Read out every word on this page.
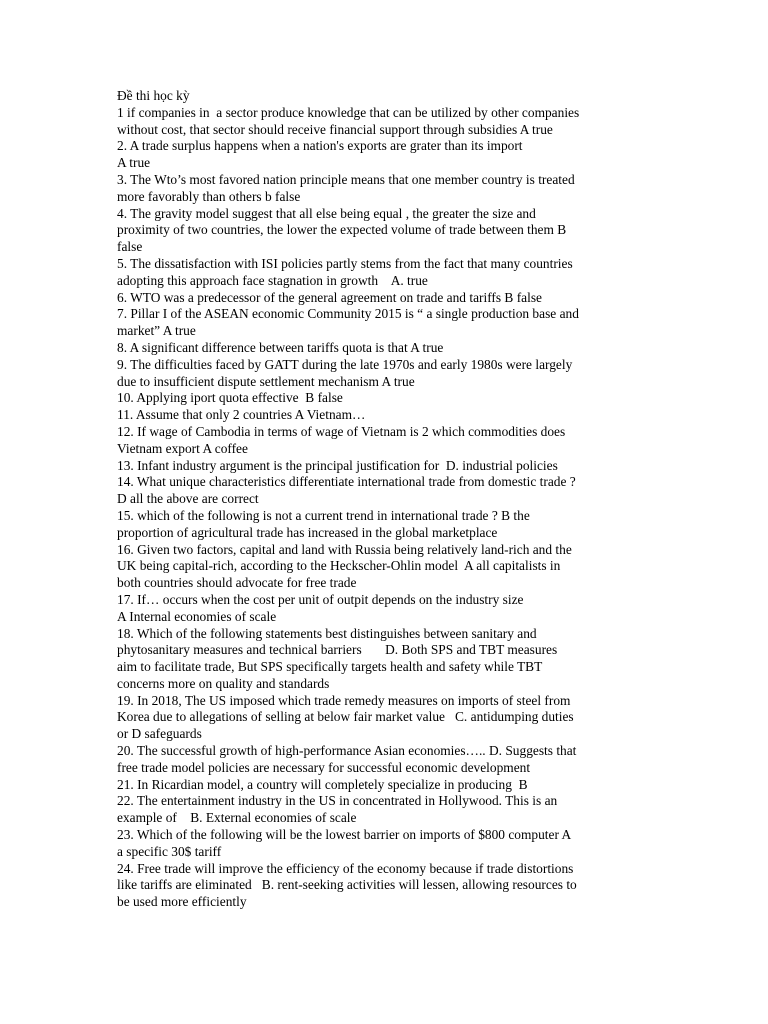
Đề thi học kỳ
1 if companies in  a sector produce knowledge that can be utilized by other companies
without cost, that sector should receive financial support through subsidies A true
2. A trade surplus happens when a nation's exports are grater than its import
A true
3. The Wto’s most favored nation principle means that one member country is treated
more favorably than others b false
4. The gravity model suggest that all else being equal , the greater the size and
proximity of two countries, the lower the expected volume of trade between them B
false
5. The dissatisfaction with ISI policies partly stems from the fact that many countries
adopting this approach face stagnation in growth    A. true
6. WTO was a predecessor of the general agreement on trade and tariffs B false
7. Pillar I of the ASEAN economic Community 2015 is “ a single production base and
market” A true
8. A significant difference between tariffs quota is that A true
9. The difficulties faced by GATT during the late 1970s and early 1980s were largely
due to insufficient dispute settlement mechanism A true
10. Applying iport quota effective  B false
11. Assume that only 2 countries A Vietnam…
12. If wage of Cambodia in terms of wage of Vietnam is 2 which commodities does
Vietnam export A coffee
13. Infant industry argument is the principal justification for  D. industrial policies
14. What unique characteristics differentiate international trade from domestic trade ?
D all the above are correct
15. which of the following is not a current trend in international trade ? B the
proportion of agricultural trade has increased in the global marketplace
16. Given two factors, capital and land with Russia being relatively land-rich and the
UK being capital-rich, according to the Heckscher-Ohlin model  A all capitalists in
both countries should advocate for free trade
17. If… occurs when the cost per unit of outpit depends on the industry size
A Internal economies of scale
18. Which of the following statements best distinguishes between sanitary and
phytosanitary measures and technical barriers       D. Both SPS and TBT measures
aim to facilitate trade, But SPS specifically targets health and safety while TBT
concerns more on quality and standards
19. In 2018, The US imposed which trade remedy measures on imports of steel from
Korea due to allegations of selling at below fair market value   C. antidumping duties
or D safeguards
20. The successful growth of high-performance Asian economies….. D. Suggests that
free trade model policies are necessary for successful economic development
21. In Ricardian model, a country will completely specialize in producing  B
22. The entertainment industry in the US in concentrated in Hollywood. This is an
example of    B. External economies of scale
23. Which of the following will be the lowest barrier on imports of $800 computer A
a specific 30$ tariff
24. Free trade will improve the efficiency of the economy because if trade distortions
like tariffs are eliminated   B. rent-seeking activities will lessen, allowing resources to
be used more efficiently
